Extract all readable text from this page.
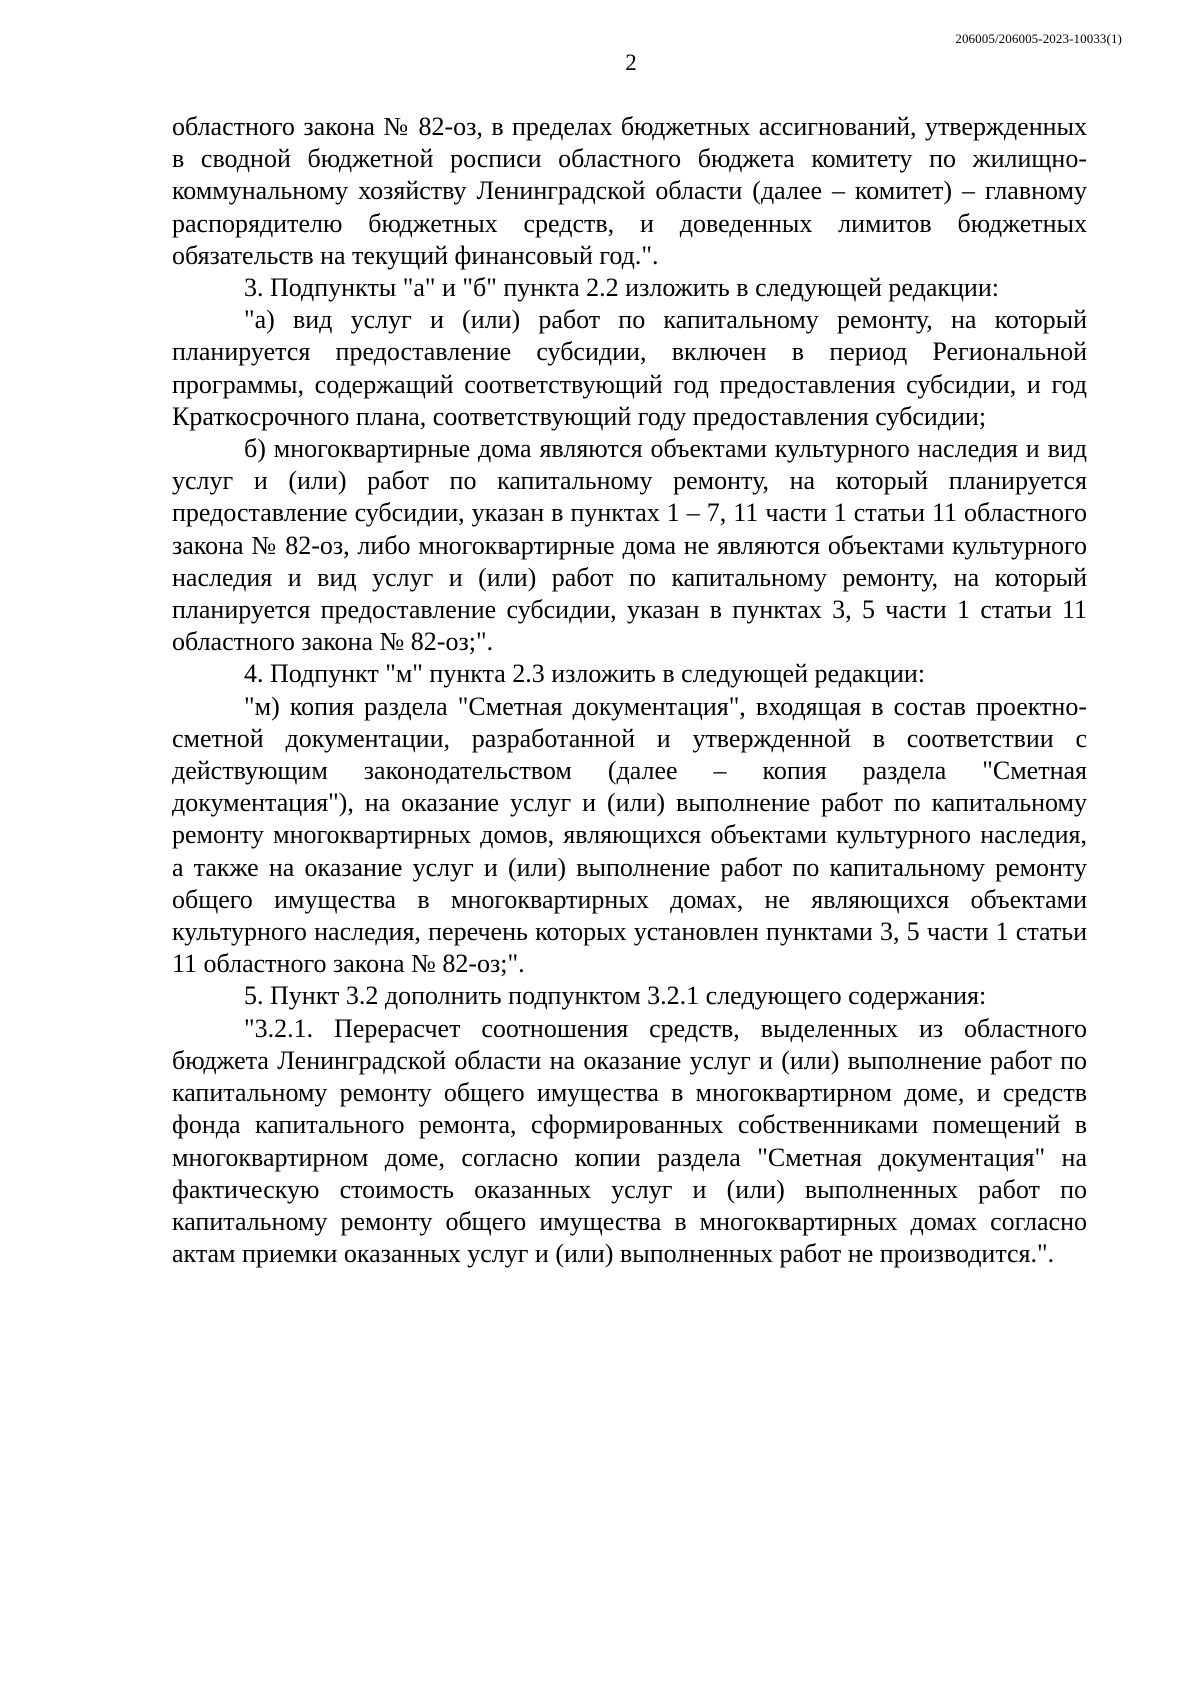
206005/206005-2023-10033(1)
2

областного закона № 82-оз, в пределах бюджетных ассигнований, утвержденных в сводной бюджетной росписи областного бюджета комитету по жилищно-коммунальному хозяйству Ленинградской области (далее – комитет) – главному распорядителю бюджетных средств, и доведенных лимитов бюджетных обязательств на текущий финансовый год.".

3. Подпункты "а" и "б" пункта 2.2 изложить в следующей редакции:

"а) вид услуг и (или) работ по капитальному ремонту, на который планируется предоставление субсидии, включен в период Региональной программы, содержащий соответствующий год предоставления субсидии, и год Краткосрочного плана, соответствующий году предоставления субсидии;

б) многоквартирные дома являются объектами культурного наследия и вид услуг и (или) работ по капитальному ремонту, на который планируется предоставление субсидии, указан в пунктах 1 – 7, 11 части 1 статьи 11 областного закона № 82-оз, либо многоквартирные дома не являются объектами культурного наследия и вид услуг и (или) работ по капитальному ремонту, на который планируется предоставление субсидии, указан в пунктах 3, 5 части 1 статьи 11 областного закона № 82-оз;".

4. Подпункт "м" пункта 2.3 изложить в следующей редакции:

"м) копия раздела "Сметная документация", входящая в состав проектно-сметной документации, разработанной и утвержденной в соответствии с действующим законодательством (далее – копия раздела "Сметная документация"), на оказание услуг и (или) выполнение работ по капитальному ремонту многоквартирных домов, являющихся объектами культурного наследия, а также на оказание услуг и (или) выполнение работ по капитальному ремонту общего имущества в многоквартирных домах, не являющихся объектами культурного наследия, перечень которых установлен пунктами 3, 5 части 1 статьи 11 областного закона № 82-оз;".

5. Пункт 3.2 дополнить подпунктом 3.2.1 следующего содержания:

"3.2.1. Перерасчет соотношения средств, выделенных из областного бюджета Ленинградской области на оказание услуг и (или) выполнение работ по капитальному ремонту общего имущества в многоквартирном доме, и средств фонда капитального ремонта, сформированных собственниками помещений в многоквартирном доме, согласно копии раздела "Сметная документация" на фактическую стоимость оказанных услуг и (или) выполненных работ по капитальному ремонту общего имущества в многоквартирных домах согласно актам приемки оказанных услуг и (или) выполненных работ не производится.".
